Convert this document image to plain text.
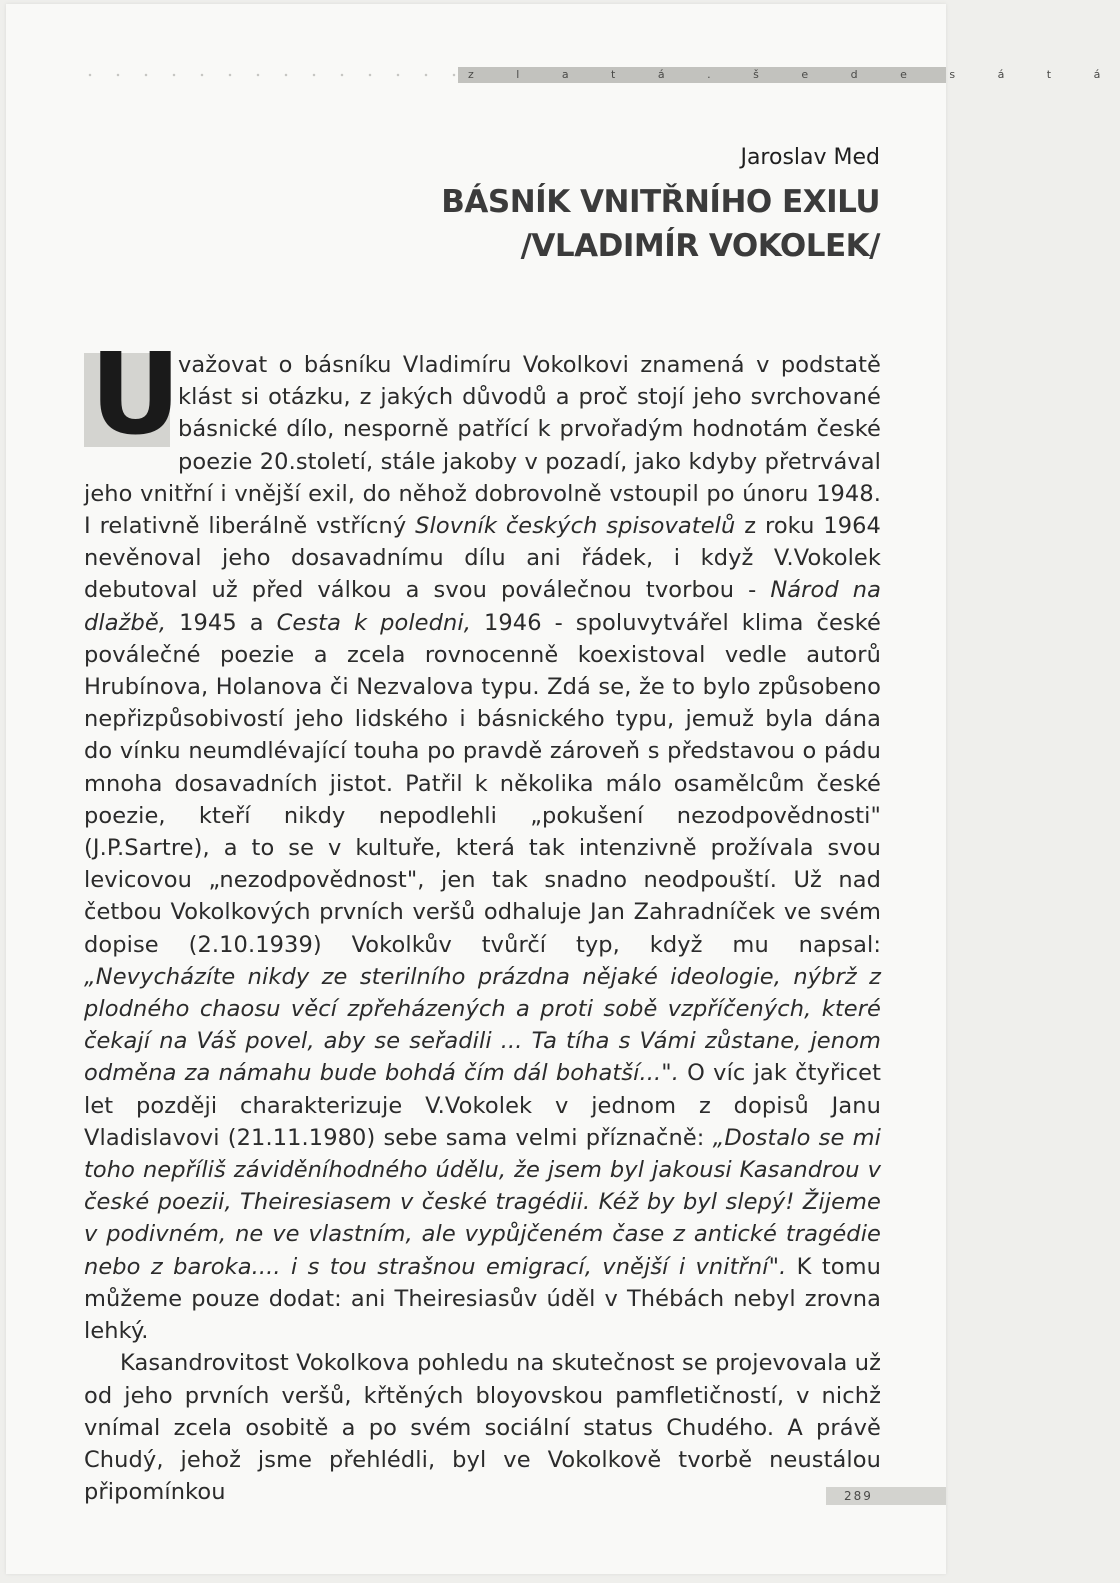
z l a t á . š e d e s á t á
Jaroslav Med
BÁSNÍK VNITŘNÍHO EXILU
/VLADIMÍR VOKOLEK/
U

važovat o básníku Vladimíru Vokolkovi znamená v podstatě klást si otázku, z jakých důvodů a proč stojí jeho svrchované básnické dílo, nesporně patřící k prvořadým hodnotám české poezie 20.století, stále jakoby v pozadí, jako kdyby přetrvával jeho vnitřní i vnější exil, do něhož dobrovolně vstoupil po únoru 1948. I relativně liberálně vstřícný Slovník českých spisovatelů z roku 1964 nevěnoval jeho dosavadnímu dílu ani řádek, i když V.Vokolek debutoval už před válkou a svou poválečnou tvorbou - Národ na dlažbě, 1945 a Cesta k poledni, 1946 - spoluvytvářel klima české poválečné poezie a zcela rovnocenně koexistoval vedle autorů Hrubínova, Holanova či Nezvalova typu. Zdá se, že to bylo způsobeno nepřizpůsobivostí jeho lidského i básnického typu, jemuž byla dána do vínku neumdlévající touha po pravdě zároveň s představou o pádu mnoha dosavadních jistot. Patřil k několika málo osamělcům české poezie, kteří nikdy nepodlehli „pokušení nezodpovědnosti" (J.P.Sartre), a to se v kultuře, která tak intenzivně prožívala svou levicovou „nezodpovědnost", jen tak snadno neodpouští. Už nad četbou Vokolkových prvních veršů odhaluje Jan Zahradníček ve svém dopise (2.10.1939) Vokolkův tvůrčí typ, když mu napsal: „Nevycházíte nikdy ze sterilního prázdna nějaké ideologie, nýbrž z plodného chaosu věcí zpřeházených a proti sobě vzpříčených, které čekají na Váš povel, aby se seřadili ... Ta tíha s Vámi zůstane, jenom odměna za námahu bude bohdá čím dál bohatší...". O víc jak čtyřicet let později charakterizuje V.Vokolek v jednom z dopisů Janu Vladislavovi (21.11.1980) sebe sama velmi příznačně: „Dostalo se mi toho nepříliš záviděníhodného údělu, že jsem byl jakousi Kasandrou v české poezii, Theiresiasem v české tragédii. Kéž by byl slepý! Žijeme v podivném, ne ve vlastním, ale vypůjčeném čase z antické tragédie nebo z baroka.... i s tou strašnou emigrací, vnější i vnitřní". K tomu můžeme pouze dodat: ani Theiresiasův úděl v Thébách nebyl zrovna lehký.

Kasandrovitost Vokolkova pohledu na skutečnost se projevovala už od jeho prvních veršů, křtěných bloyovskou pamfletičností, v nichž vnímal zcela osobitě a po svém sociální status Chudého. A právě Chudý, jehož jsme přehlédli, byl ve Vokolkově tvorbě neustálou připomínkou	289
